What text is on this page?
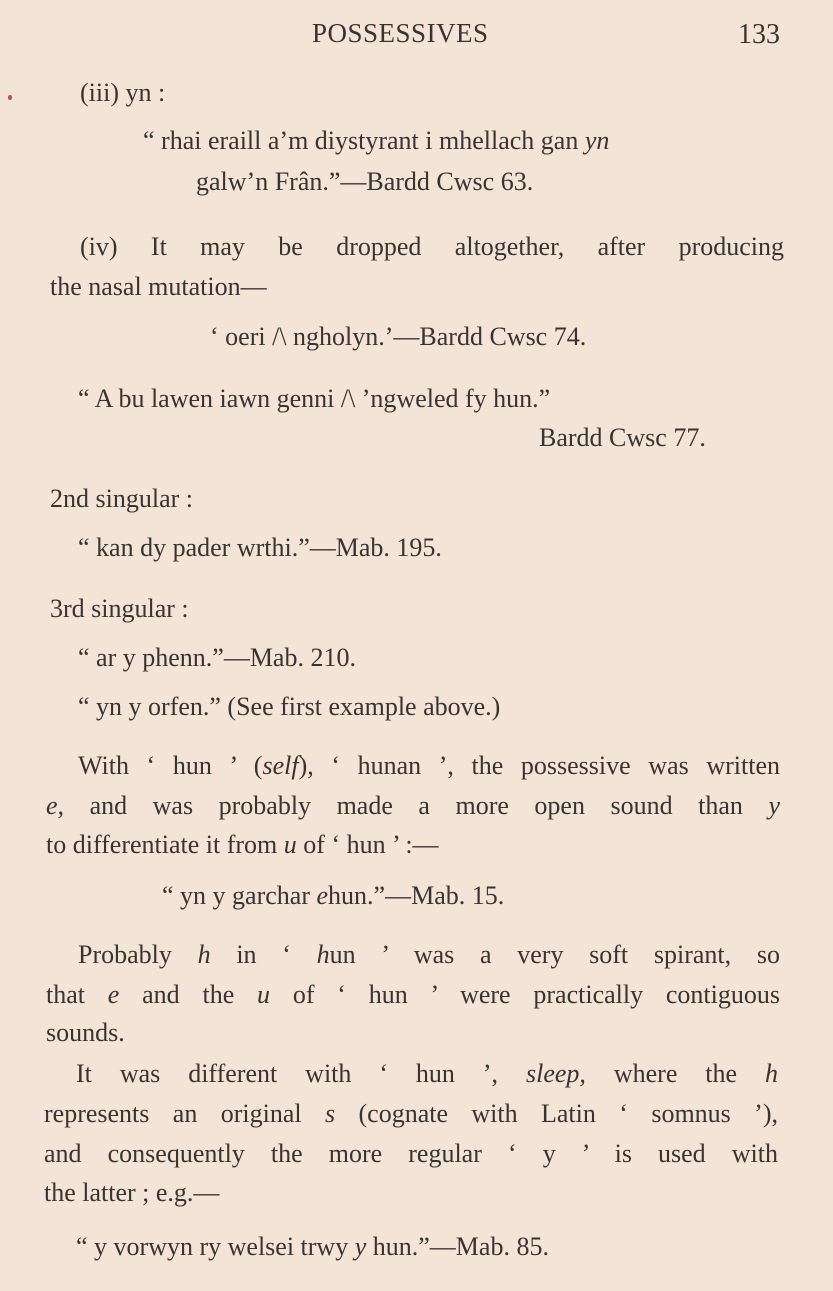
POSSESSIVES	133
(iii) yn :
“ rhai eraill a’m diystyrant i mhellach gan yn
galw’n Frân.”—Bardd Cwsc 63.
(iv) It may be dropped altogether, after producing
the nasal mutation—
‘ oeri /\ ngholyn.’—Bardd Cwsc 74.
“ A bu lawen iawn genni /\ ’ngweled fy hun.”
Bardd Cwsc 77.
2nd singular :
“ kan dy pader wrthi.”—Mab. 195.
3rd singular :
“ ar y phenn.”—Mab. 210.
“ yn y orfen.” (See first example above.)
With ‘ hun ’ (self), ‘ hunan ’, the possessive was written
e, and was probably made a more open sound than y
to differentiate it from u of ‘ hun ’ :—
“ yn y garchar ehun.”—Mab. 15.
Probably h in ‘ hun ’ was a very soft spirant, so
that e and the u of ‘ hun ’ were practically contiguous
sounds.
It was different with ‘ hun ’, sleep, where the h
represents an original s (cognate with Latin ‘ somnus ’),
and consequently the more regular ‘ y ’ is used with
the latter ; e.g.—
“ y vorwyn ry welsei trwy y hun.”—Mab. 85.
